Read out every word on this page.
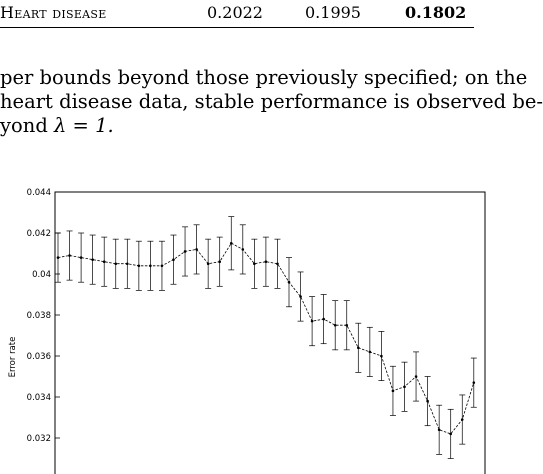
Heart disease	0.2022	0.1995	0.1802
per bounds beyond those previously specified; on the
heart disease data, stable performance is observed be-
yond λ = 1.
0.044
0.042
0.04
0.038
0.036
0.034
0.032
Error rate
